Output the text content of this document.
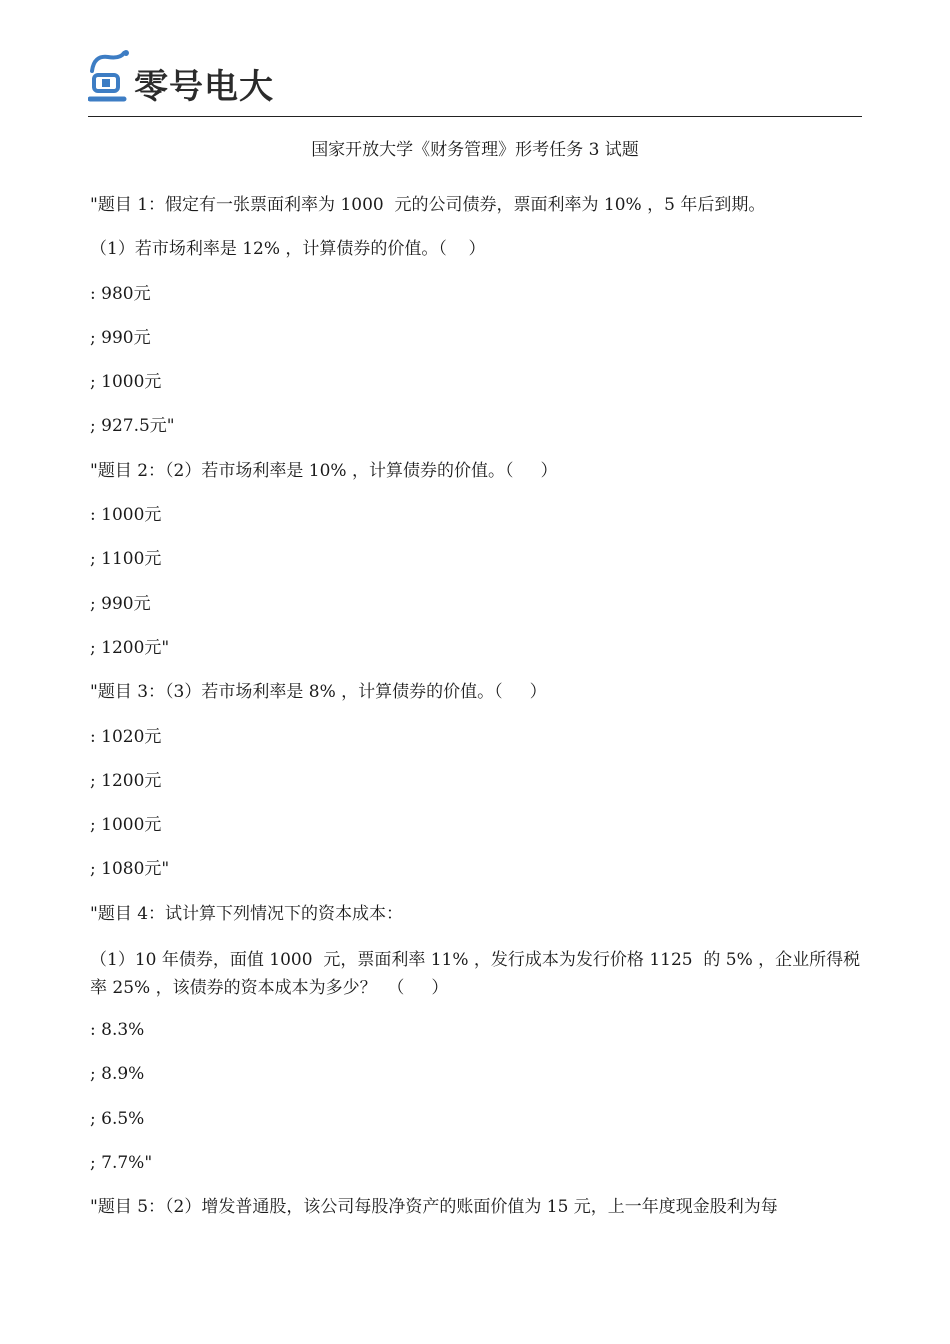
零号电大
国家开放大学《财务管理》形考任务 3 试题
"题目 1：假定有一张票面利率为 1000  元的公司债券，票面利率为 10% ，5 年后到期。
（1）若市场利率是 12% ，计算债券的价值。（    ）
: 980元
; 990元
; 1000元
; 927.5元"
"题目 2：（2）若市场利率是 10% ，计算债券的价值。（     ）
: 1000元
; 1100元
; 990元
; 1200元"
"题目 3：（3）若市场利率是 8% ，计算债券的价值。（     ）
: 1020元
; 1200元
; 1000元
; 1080元"
"题目 4：试计算下列情况下的资本成本：
（1）10 年债券，面值 1000  元，票面利率 11% ，发行成本为发行价格 1125  的 5% ，企业所得税率 25% ，该债券的资本成本为多少？  （     ）
: 8.3%
; 8.9%
; 6.5%
; 7.7%"
"题目 5：（2）增发普通股，该公司每股净资产的账面价值为 15 元，上一年度现金股利为每
